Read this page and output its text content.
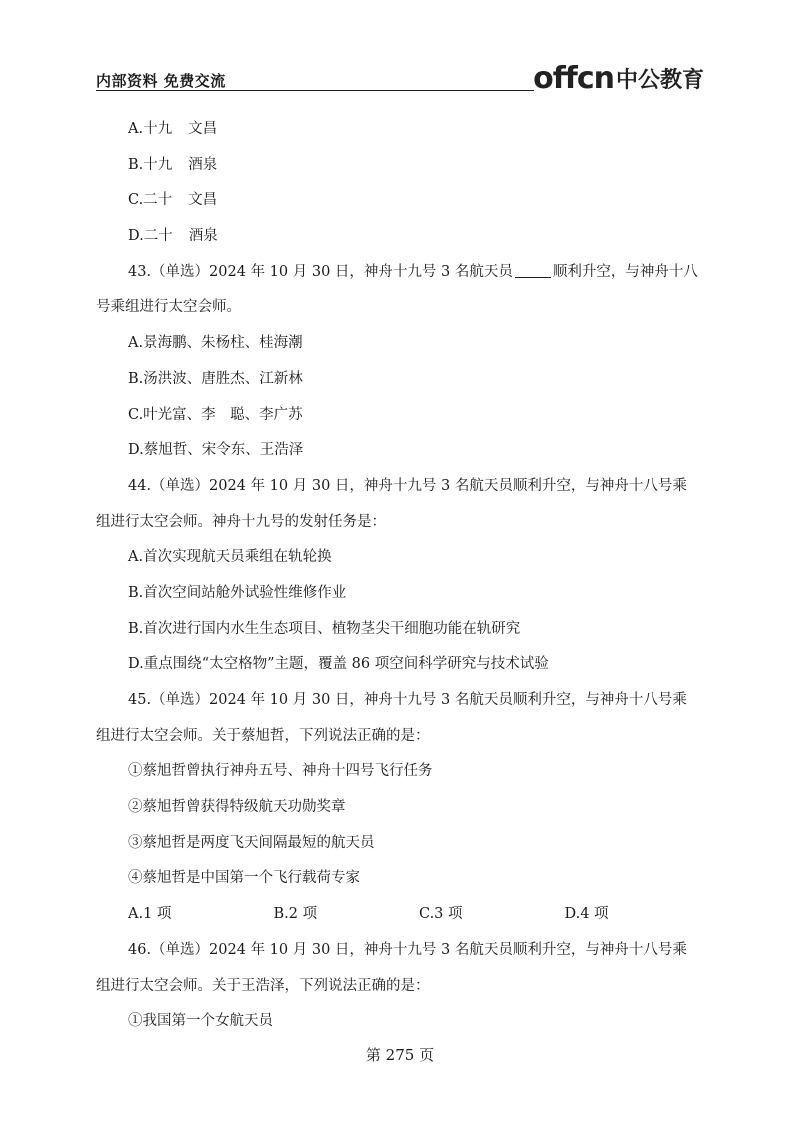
内部资料 免费交流	offcn 中公教育
A.十九 文昌
B.十九 酒泉
C.二十 文昌
D.二十 酒泉
43.（单选）2024 年 10 月 30 日，神舟十九号 3 名航天员	顺利升空，与神舟十八
号乘组进行太空会师。
A.景海鹏、朱杨柱、桂海潮
B.汤洪波、唐胜杰、江新林
C.叶光富、李　聪、李广苏
D.蔡旭哲、宋令东、王浩泽
44.（单选）2024 年 10 月 30 日，神舟十九号 3 名航天员顺利升空，与神舟十八号乘
组进行太空会师。神舟十九号的发射任务是：
A.首次实现航天员乘组在轨轮换
B.首次空间站舱外试验性维修作业
B.首次进行国内水生生态项目、植物茎尖干细胞功能在轨研究
D.重点围绕“太空格物”主题，覆盖 86 项空间科学研究与技术试验
45.（单选）2024 年 10 月 30 日，神舟十九号 3 名航天员顺利升空，与神舟十八号乘
组进行太空会师。关于蔡旭哲，下列说法正确的是：
①蔡旭哲曾执行神舟五号、神舟十四号飞行任务
②蔡旭哲曾获得特级航天功勋奖章
③蔡旭哲是两度飞天间隔最短的航天员
④蔡旭哲是中国第一个飞行载荷专家
A.1 项	B.2 项	C.3 项	D.4 项
46.（单选）2024 年 10 月 30 日，神舟十九号 3 名航天员顺利升空，与神舟十八号乘
组进行太空会师。关于王浩泽，下列说法正确的是：
①我国第一个女航天员
第 275 页
